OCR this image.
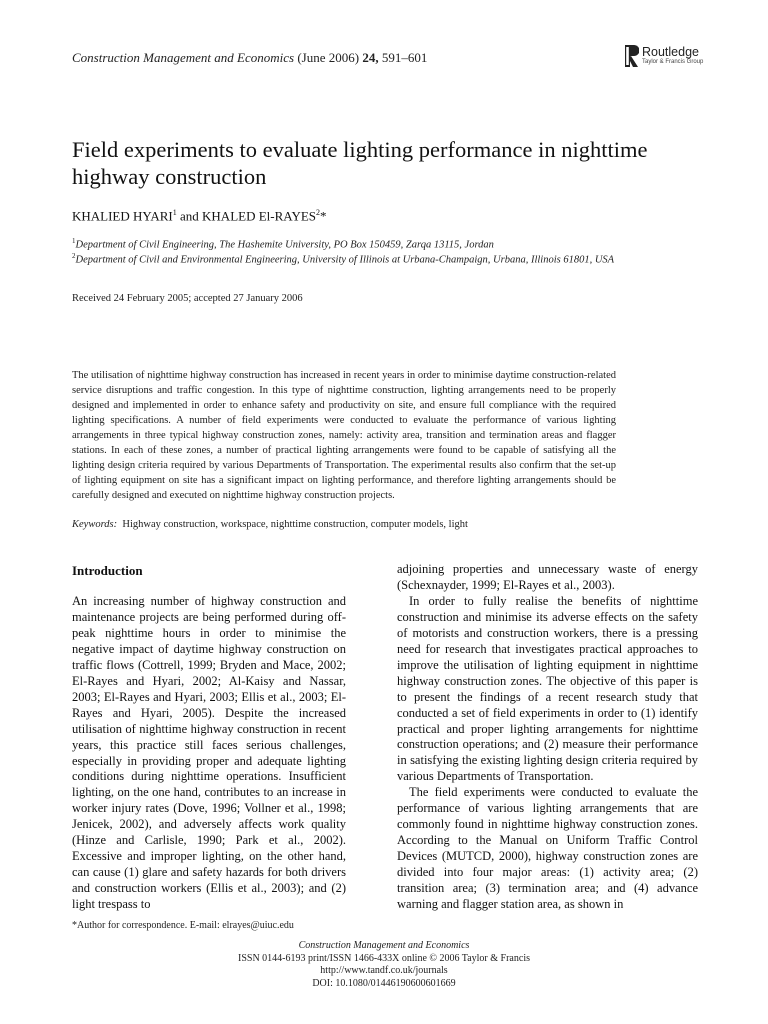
Construction Management and Economics (June 2006) 24, 591–601	Routledge
Taylor & Francis Group
Field experiments to evaluate lighting performance in nighttime highway construction
KHALIED HYARI$^1$ and KHALED El-RAYES$^2$*
$^1$Department of Civil Engineering, The Hashemite University, PO Box 150459, Zarqa 13115, Jordan
$^2$Department of Civil and Environmental Engineering, University of Illinois at Urbana-Champaign, Urbana, Illinois 61801, USA
Received 24 February 2005; accepted 27 January 2006

The utilisation of nighttime highway construction has increased in recent years in order to minimise daytime construction-related service disruptions and traffic congestion. In this type of nighttime construction, lighting arrangements need to be properly designed and implemented in order to enhance safety and productivity on site, and ensure full compliance with the required lighting specifications. A number of field experiments were conducted to evaluate the performance of various lighting arrangements in three typical highway construction zones, namely: activity area, transition and termination areas and flagger stations. In each of these zones, a number of practical lighting arrangements were found to be capable of satisfying all the lighting design criteria required by various Departments of Transportation. The experimental results also confirm that the set-up of lighting equipment on site has a significant impact on lighting performance, and therefore lighting arrangements should be carefully designed and executed on nighttime highway construction projects.

Keywords: Highway construction, workspace, nighttime construction, computer models, light
Introduction

An increasing number of highway construction and maintenance projects are being performed during off-peak nighttime hours in order to minimise the negative impact of daytime highway construction on traffic flows (Cottrell, 1999; Bryden and Mace, 2002; El-Rayes and Hyari, 2002; Al-Kaisy and Nassar, 2003; El-Rayes and Hyari, 2003; Ellis et al., 2003; El-Rayes and Hyari, 2005). Despite the increased utilisation of nighttime highway construction in recent years, this practice still faces serious challenges, especially in providing proper and adequate lighting conditions during nighttime operations. Insufficient lighting, on the one hand, contributes to an increase in worker injury rates (Dove, 1996; Vollner et al., 1998; Jenicek, 2002), and adversely affects work quality (Hinze and Carlisle, 1990; Park et al., 2002). Excessive and improper lighting, on the other hand, can cause (1) glare and safety hazards for both drivers and construction workers (Ellis et al., 2003); and (2) light trespass to

adjoining properties and unnecessary waste of energy (Schexnayder, 1999; El-Rayes et al., 2003).

In order to fully realise the benefits of nighttime construction and minimise its adverse effects on the safety of motorists and construction workers, there is a pressing need for research that investigates practical approaches to improve the utilisation of lighting equipment in nighttime highway construction zones. The objective of this paper is to present the findings of a recent research study that conducted a set of field experiments in order to (1) identify practical and proper lighting arrangements for nighttime construction operations; and (2) measure their performance in satisfying the existing lighting design criteria required by various Departments of Transportation.

The field experiments were conducted to evaluate the performance of various lighting arrangements that are commonly found in nighttime highway construction zones. According to the Manual on Uniform Traffic Control Devices (MUTCD, 2000), highway construction zones are divided into four major areas: (1) activity area; (2) transition area; (3) termination area; and (4) advance warning and flagger station area, as shown in

*Author for correspondence. E-mail: elrayes@uiuc.edu
Construction Management and Economics
ISSN 0144-6193 print/ISSN 1466-433X online © 2006 Taylor & Francis
http://www.tandf.co.uk/journals
DOI: 10.1080/01446190600601669
